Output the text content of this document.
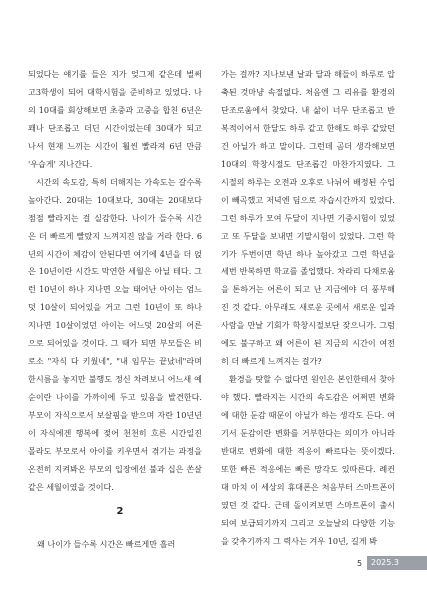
되었다는 얘기를 들은 지가 엊그제 같은데 벌써 고3학생이 되어 대학시험을 준비하고 있었다. 나의 10대를 회상해보면 초중과 고중을 합친 6년은 꽤나 단조롭고 더딘 시간이었는데 30대가 되고 나서 현재 느끼는 시간이 훨씬 빨라져 6년 만큼 '우습게' 지나간다.

시간의 속도감, 특히 더해지는 가속도는 갈수록 높아간다. 20대는 10대보다, 30대는 20대보다 점점 빨라지는 걸 실감한다. 나이가 들수록 시간은 더 빠르게 빨랐지 느껴지진 않을 거라 한다. 6년의 시간이 체감이 안된다면 여기에 4년을 더 얹은 10년이란 시간도 막연한 세월은 아닐 테다. 그런 10년이 하나 지나면 오늘 태어난 아이는 엄느덧 10살이 되어있을 거고 그런 10년이 또 하나 지나면 10살이었던 아이는 어느덧 20살의 어른으로 되어있을 것이다. 그 때가 되면 부모들은 비로소 "자식 다 키웠네", "내 임무는 끝났네"라며 한시름을 놓지만 불행도 정신 차려보니 어느새 예순이란 나이를 가까이에 두고 있음을 발견한다. 부모이 자식으로서 보살핌을 받으며 자란 10년년이 자식에겐 행복에 젖어 천천히 흐른 시간일진 몰라도 부모로서 아이를 키우면서 겪기는 과정을 온전히 지켜봐온 부모의 입장에선 불과 십은 쏜살같은 세월이였을 것이다.

가는 걸까? 지나보낸 날과 달과 해들이 하루로 압축된 것마냥 속절없다. 처음엔 그 리유를 환경의 단조로움에서 찾았다. 내 삶이 너무 단조롭고 반복적이어서 한달도 하루 같고 한해도 하루 같았던 건 아닐가 하고 말이다. 그런데 곰더 생각해보면 10대의 학창시절도 단조롭긴 마찬가지였다. 그 시절의 하루는 오전과 오후로 나뉘어 배정된 수업이 빼곡했고 저녁엔 딤으로 자습시간까지 있었다. 그런 하루가 모여 두달이 지나면 기중시험이 있었고 또 두달을 보내면 기말시험이 있었다. 그런 학기가 두번이면 학년 하나 높아갔고 그런 학년을 세번 반복하면 학교를 졸업했다. 차라리 다채로움을 톤하거는 어른이 되고 난 지금에야 더 풍부해진 것 같다. 아무래도 새로운 곳에서 새로운 일과 사람을 만날 기회가 학창시절보단 잦으니가. 그럼에도 불구하고 왜 어른이 된 지금의 시간이 여전히 더 빠르게 느껴지는 걸가?

환경을 탓할 수 없다면 원인은 본인한테서 찾아야 했다. 빨라지는 시간의 속도감은 어쩌면 변화에 대한 둔감 때문이 아닐가 하는 생각도 든다. 여기서 둔감이란 변화를 거부한다는 의미가 아니라 반대로 변화에 대한 적응이 빠르다는 뜻이겠다. 또한 빠른 적응에는 빠른 망각도 있따른다. 례컨대 마치 이 세상의 휴대폰은 처음부터 스마트폰이였던 것 같다. 근데 돌이켜보면 스마트폰이 출시되여 보급되기까지 그리고 오늘날의 다양한 기능을 갖추기까지 그 력사는 겨우 10년, 길게 봐

2
왜 나이가 들수록 시간은 빠르게만 흘러
5	2025.3
